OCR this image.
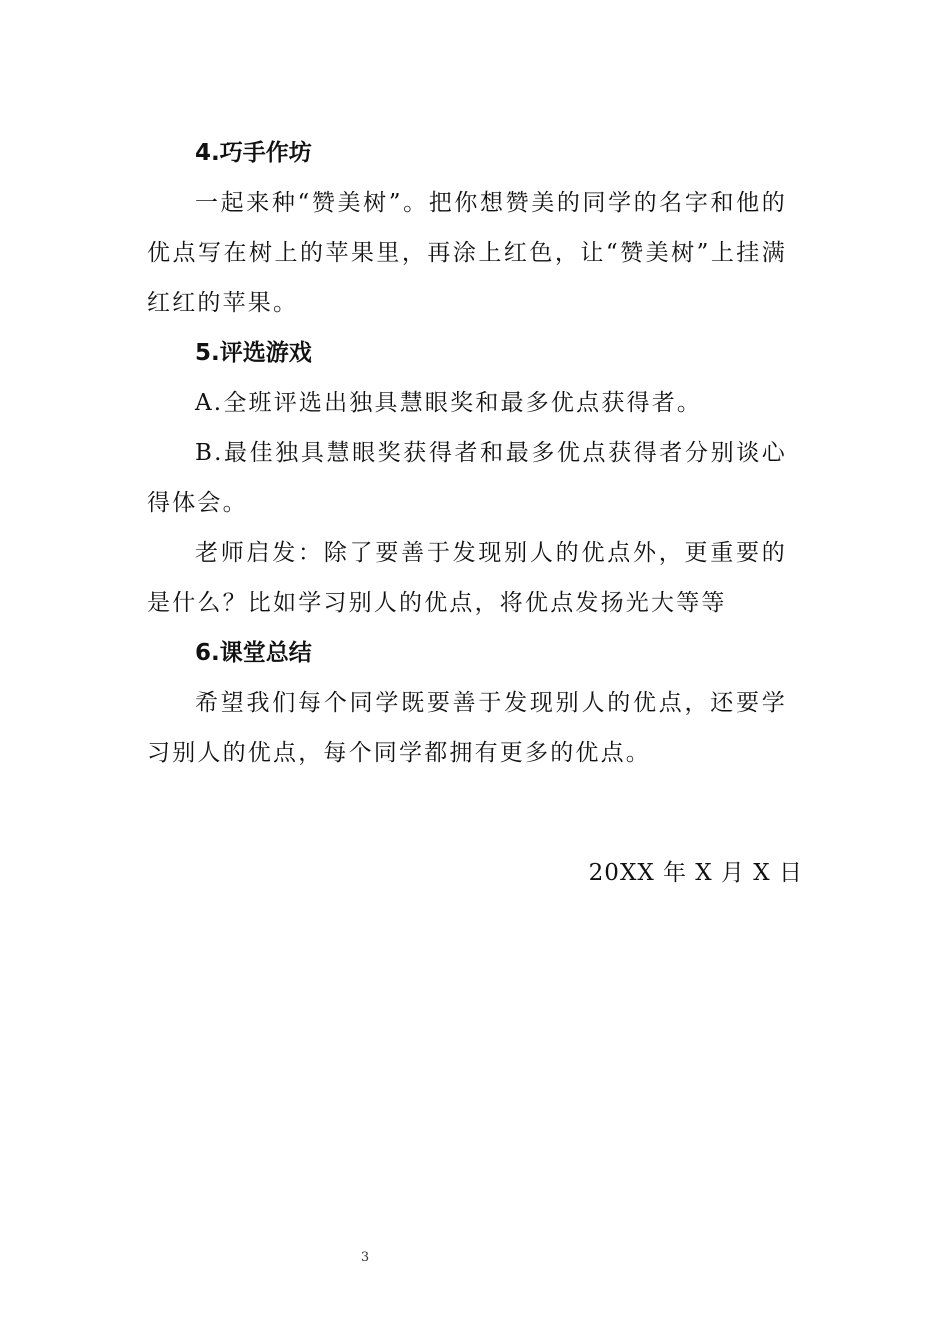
4.巧手作坊

一起来种“赞美树”。把你想赞美的同学的名字和他的优点写在树上的苹果里，再涂上红色，让“赞美树”上挂满红红的苹果。

5.评选游戏

A.全班评选出独具慧眼奖和最多优点获得者。

B.最佳独具慧眼奖获得者和最多优点获得者分别谈心得体会。

老师启发：除了要善于发现别人的优点外，更重要的是什么？比如学习别人的优点，将优点发扬光大等等

6.课堂总结

希望我们每个同学既要善于发现别人的优点，还要学习别人的优点，每个同学都拥有更多的优点。

20XX 年 X 月 X 日
3
